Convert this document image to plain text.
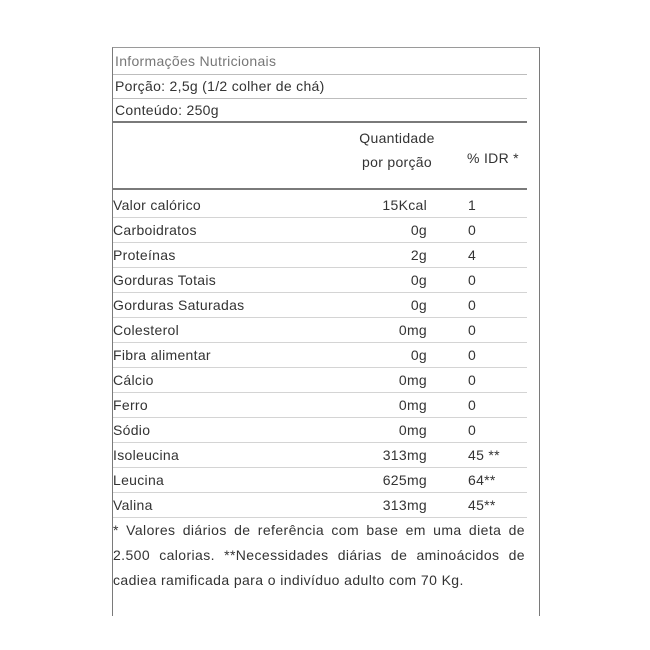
Informações Nutricionais
Porção: 2,5g (1/2 colher de chá)
Conteúdo: 250g
Quantidade
por porção	% IDR *
Valor calórico	15Kcal	1
Carboidratos	0g	0
Proteínas	2g	4
Gorduras Totais	0g	0
Gorduras Saturadas	0g	0
Colesterol	0mg	0
Fibra alimentar	0g	0
Cálcio	0mg	0
Ferro	0mg	0
Sódio	0mg	0
Isoleucina	313mg	45 **
Leucina	625mg	64**
Valina	313mg	45**
* Valores diários de referência com base em uma dieta de 2.500 calorias. **Necessidades diárias de aminoácidos de cadiea ramificada para o indivíduo adulto com 70 Kg.
